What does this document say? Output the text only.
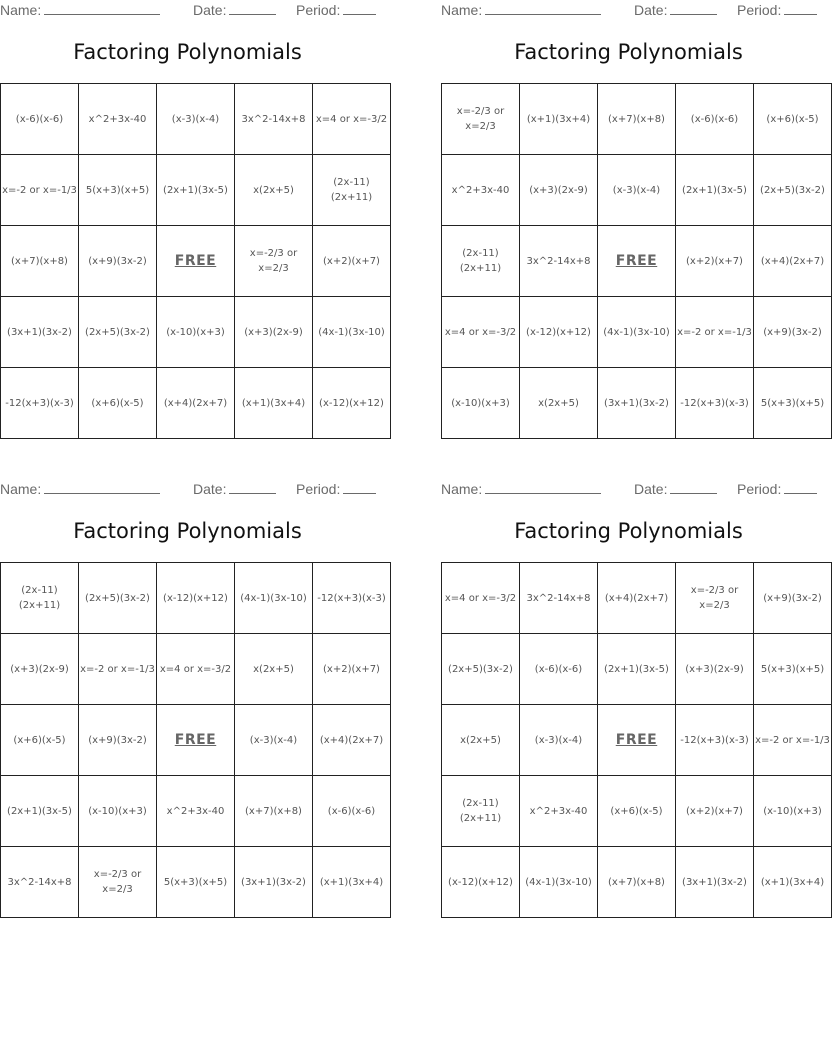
Name:	Date:	Period:
Factoring Polynomials
(x-6)(x-6)	x^2+3x-40	(x-3)(x-4)	3x^2-14x+8	x=4 or x=-3/2
x=-2 or x=-1/3	5(x+3)(x+5)	(2x+1)(3x-5)	x(2x+5)	(2x-11)(2x+11)
(x+7)(x+8)	(x+9)(3x-2)	FREE	x=-2/3 or x=2/3	(x+2)(x+7)
(3x+1)(3x-2)	(2x+5)(3x-2)	(x-10)(x+3)	(x+3)(2x-9)	(4x-1)(3x-10)
-12(x+3)(x-3)	(x+6)(x-5)	(x+4)(2x+7)	(x+1)(3x+4)	(x-12)(x+12)
Name:	Date:	Period:
Factoring Polynomials
x=-2/3 or x=2/3	(x+1)(3x+4)	(x+7)(x+8)	(x-6)(x-6)	(x+6)(x-5)
x^2+3x-40	(x+3)(2x-9)	(x-3)(x-4)	(2x+1)(3x-5)	(2x+5)(3x-2)
(2x-11)(2x+11)	3x^2-14x+8	FREE	(x+2)(x+7)	(x+4)(2x+7)
x=4 or x=-3/2	(x-12)(x+12)	(4x-1)(3x-10)	x=-2 or x=-1/3	(x+9)(3x-2)
(x-10)(x+3)	x(2x+5)	(3x+1)(3x-2)	-12(x+3)(x-3)	5(x+3)(x+5)
Name:	Date:	Period:
Factoring Polynomials
(2x-11)(2x+11)	(2x+5)(3x-2)	(x-12)(x+12)	(4x-1)(3x-10)	-12(x+3)(x-3)
(x+3)(2x-9)	x=-2 or x=-1/3	x=4 or x=-3/2	x(2x+5)	(x+2)(x+7)
(x+6)(x-5)	(x+9)(3x-2)	FREE	(x-3)(x-4)	(x+4)(2x+7)
(2x+1)(3x-5)	(x-10)(x+3)	x^2+3x-40	(x+7)(x+8)	(x-6)(x-6)
3x^2-14x+8	x=-2/3 or x=2/3	5(x+3)(x+5)	(3x+1)(3x-2)	(x+1)(3x+4)
Name:	Date:	Period:
Factoring Polynomials
x=4 or x=-3/2	3x^2-14x+8	(x+4)(2x+7)	x=-2/3 or x=2/3	(x+9)(3x-2)
(2x+5)(3x-2)	(x-6)(x-6)	(2x+1)(3x-5)	(x+3)(2x-9)	5(x+3)(x+5)
x(2x+5)	(x-3)(x-4)	FREE	-12(x+3)(x-3)	x=-2 or x=-1/3
(2x-11)(2x+11)	x^2+3x-40	(x+6)(x-5)	(x+2)(x+7)	(x-10)(x+3)
(x-12)(x+12)	(4x-1)(3x-10)	(x+7)(x+8)	(3x+1)(3x-2)	(x+1)(3x+4)
